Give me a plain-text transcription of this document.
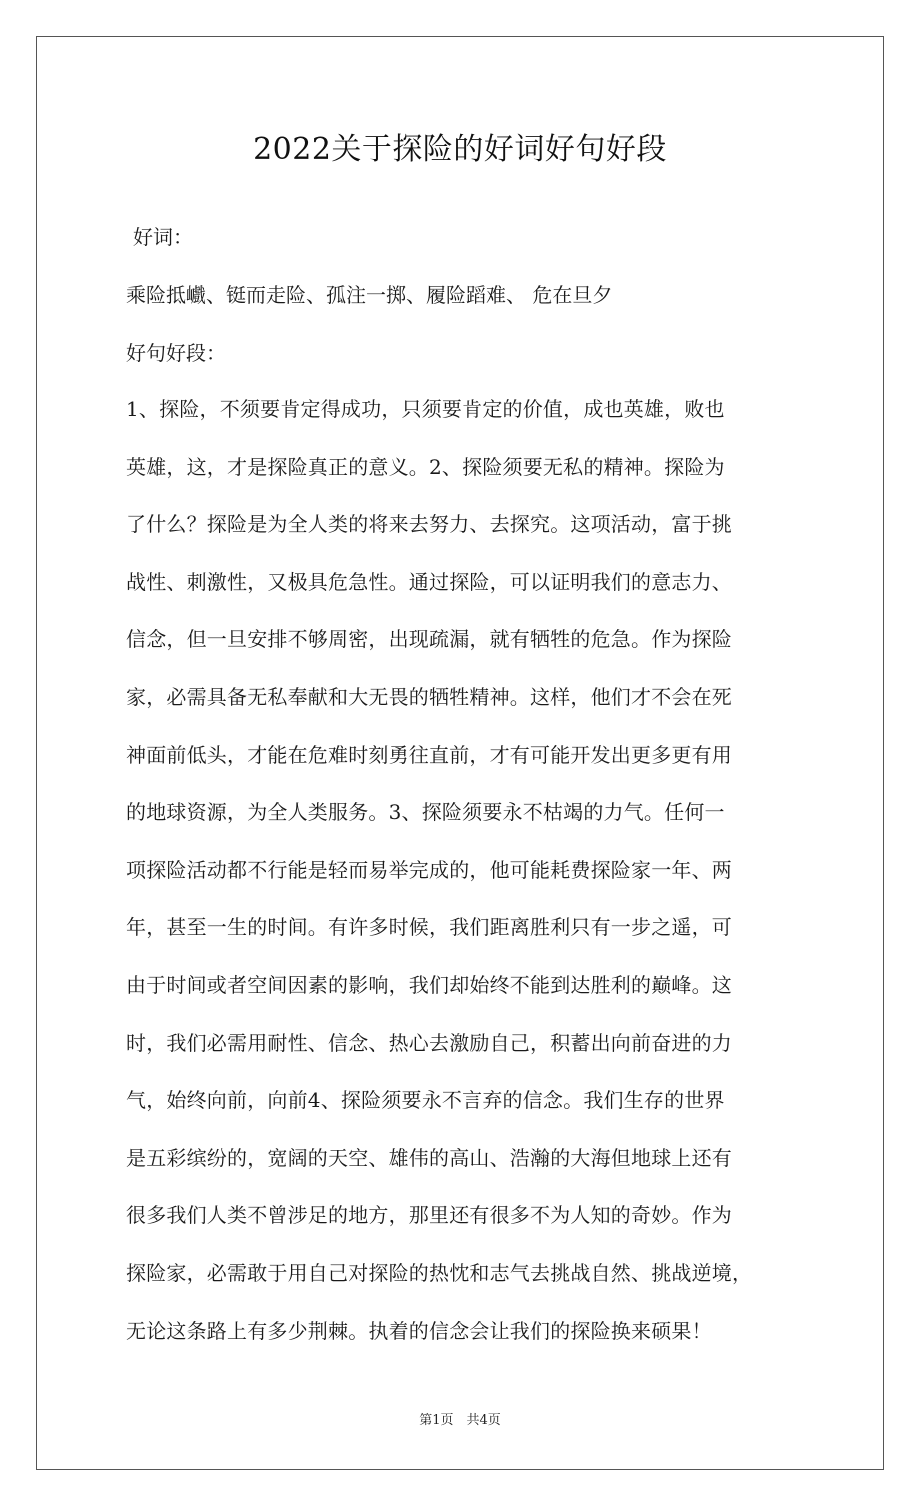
2022关于探险的好词好句好段
好词：
乘险抵巇、铤而走险、孤注一掷、履险蹈难、 危在旦夕
好句好段：
1、探险，不须要肯定得成功，只须要肯定的价值，成也英雄，败也
英雄，这，才是探险真正的意义。2、探险须要无私的精神。探险为
了什么？探险是为全人类的将来去努力、去探究。这项活动，富于挑
战性、刺激性，又极具危急性。通过探险，可以证明我们的意志力、
信念，但一旦安排不够周密，出现疏漏，就有牺牲的危急。作为探险
家，必需具备无私奉献和大无畏的牺牲精神。这样，他们才不会在死
神面前低头，才能在危难时刻勇往直前，才有可能开发出更多更有用
的地球资源，为全人类服务。3、探险须要永不枯竭的力气。任何一
项探险活动都不行能是轻而易举完成的，他可能耗费探险家一年、两
年，甚至一生的时间。有许多时候，我们距离胜利只有一步之遥，可
由于时间或者空间因素的影响，我们却始终不能到达胜利的巅峰。这
时，我们必需用耐性、信念、热心去激励自己，积蓄出向前奋进的力
气，始终向前，向前4、探险须要永不言弃的信念。我们生存的世界
是五彩缤纷的，宽阔的天空、雄伟的高山、浩瀚的大海但地球上还有
很多我们人类不曾涉足的地方，那里还有很多不为人知的奇妙。作为
探险家，必需敢于用自己对探险的热忱和志气去挑战自然、挑战逆境，
无论这条路上有多少荆棘。执着的信念会让我们的探险换来硕果！
第1页　共4页
